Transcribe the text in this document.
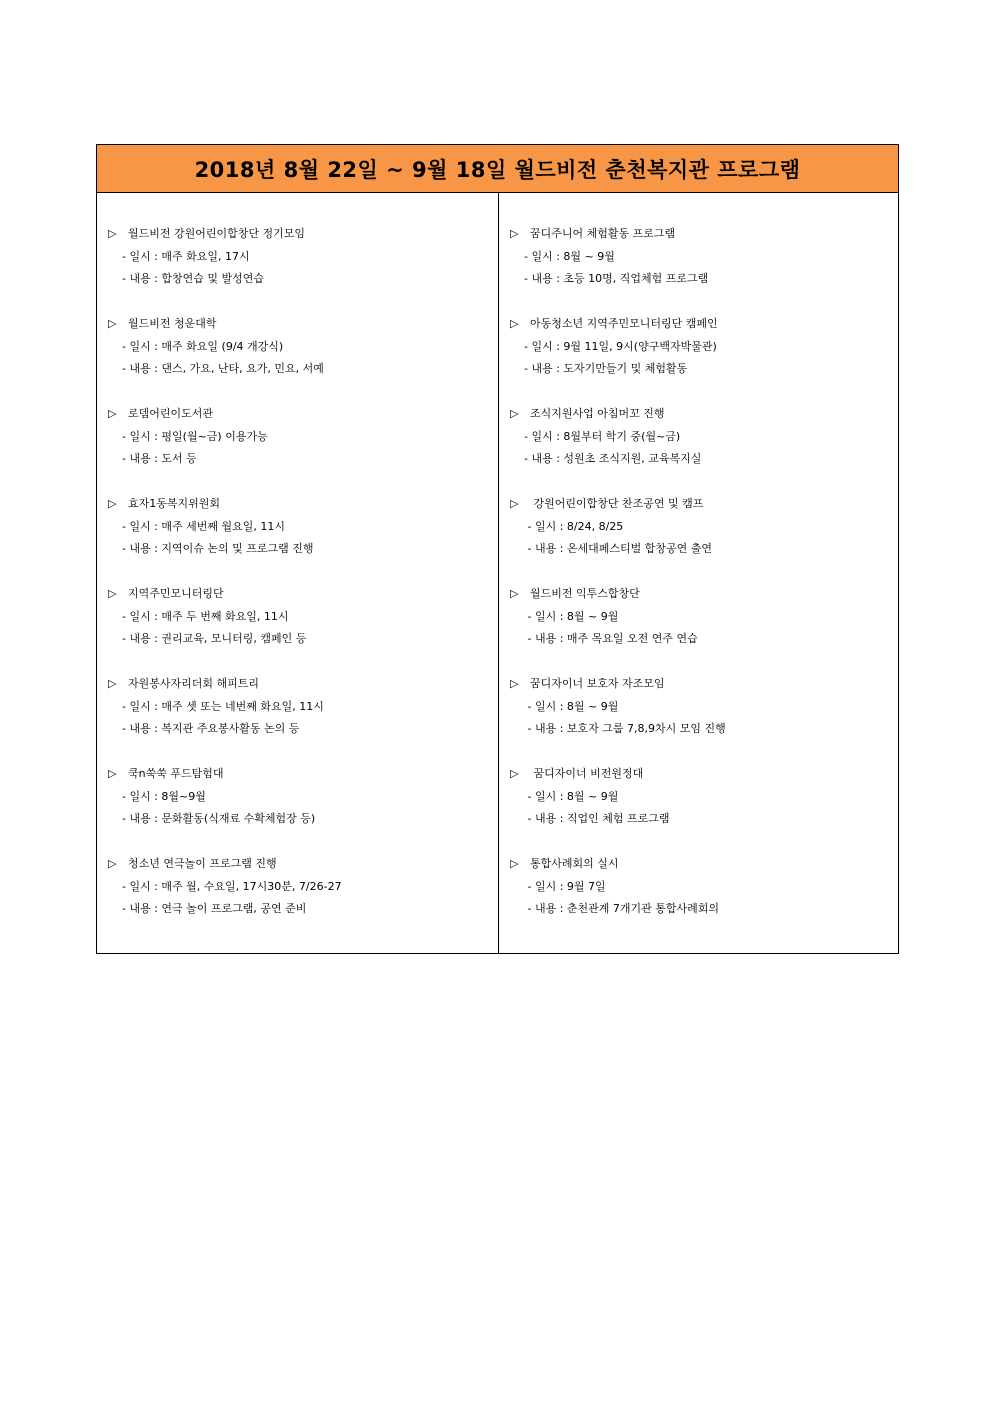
2018년 8월 22일 ~ 9월 18일 월드비전 춘천복지관 프로그램
▷ 월드비전 강원어린이합창단 정기모임
- 일시 : 매주 화요일, 17시
- 내용 : 합창연습 및 발성연습
▷ 월드비전 청운대학
- 일시 : 매주 화요일 (9/4 개강식)
- 내용 : 댄스, 가요, 난타, 요가, 민요, 서예
▷ 로뎀어린이도서관
- 일시 : 평일(월~금) 이용가능
- 내용 : 도서 등
▷ 효자1동복지위원회
- 일시 : 매주 세번째 월요일, 11시
- 내용 : 지역이슈 논의 및 프로그램 진행
▷ 지역주민모니터링단
- 일시 : 매주 두 번째 화요일, 11시
- 내용 : 권리교육, 모니터링, 캠페인 등
▷ 자원봉사자리더회 해피트리
- 일시 : 매주 셋 또는 네번째 화요일, 11시
- 내용 : 복지관 주요봉사활동 논의 등
▷ 쿡n쑥쑥 푸드탐험대
- 일시 : 8월~9월
- 내용 : 문화활동(식재료 수확체험장 등)
▷ 청소년 연극놀이 프로그램 진행
- 일시 : 매주 월, 수요일, 17시30분, 7/26-27
- 내용 : 연극 놀이 프로그램, 공연 준비
▷ 꿈디주니어 체험활동 프로그램
- 일시 : 8월 ~ 9월
- 내용 : 초등 10명, 직업체험 프로그램
▷ 아동청소년 지역주민모니터링단 캠페인
- 일시 : 9월 11일, 9시(양구백자박물관)
- 내용 : 도자기만들기 및 체험활동
▷ 조식지원사업 아침머꼬 진행
- 일시 : 8월부터 학기 중(월~금)
- 내용 : 성원초 조식지원, 교육복지실
▷ 강원어린이합창단 찬조공연 및 캠프
- 일시 : 8/24, 8/25
- 내용 : 온세대페스티벌 합창공연 출연
▷ 월드비전 익투스합창단
- 일시 : 8월 ~ 9월
- 내용 : 매주 목요일 오전 연주 연습
▷ 꿈디자이너 보호자 자조모임
- 일시 : 8월 ~ 9월
- 내용 : 보호자 그룹 7,8,9차시 모임 진행
▷ 꿈디자이너 비전원정대
- 일시 : 8월 ~ 9월
- 내용 : 직업인 체험 프로그램
▷ 통합사례회의 실시
- 일시 : 9월 7일
- 내용 : 춘천관계 7개기관 통합사례회의
